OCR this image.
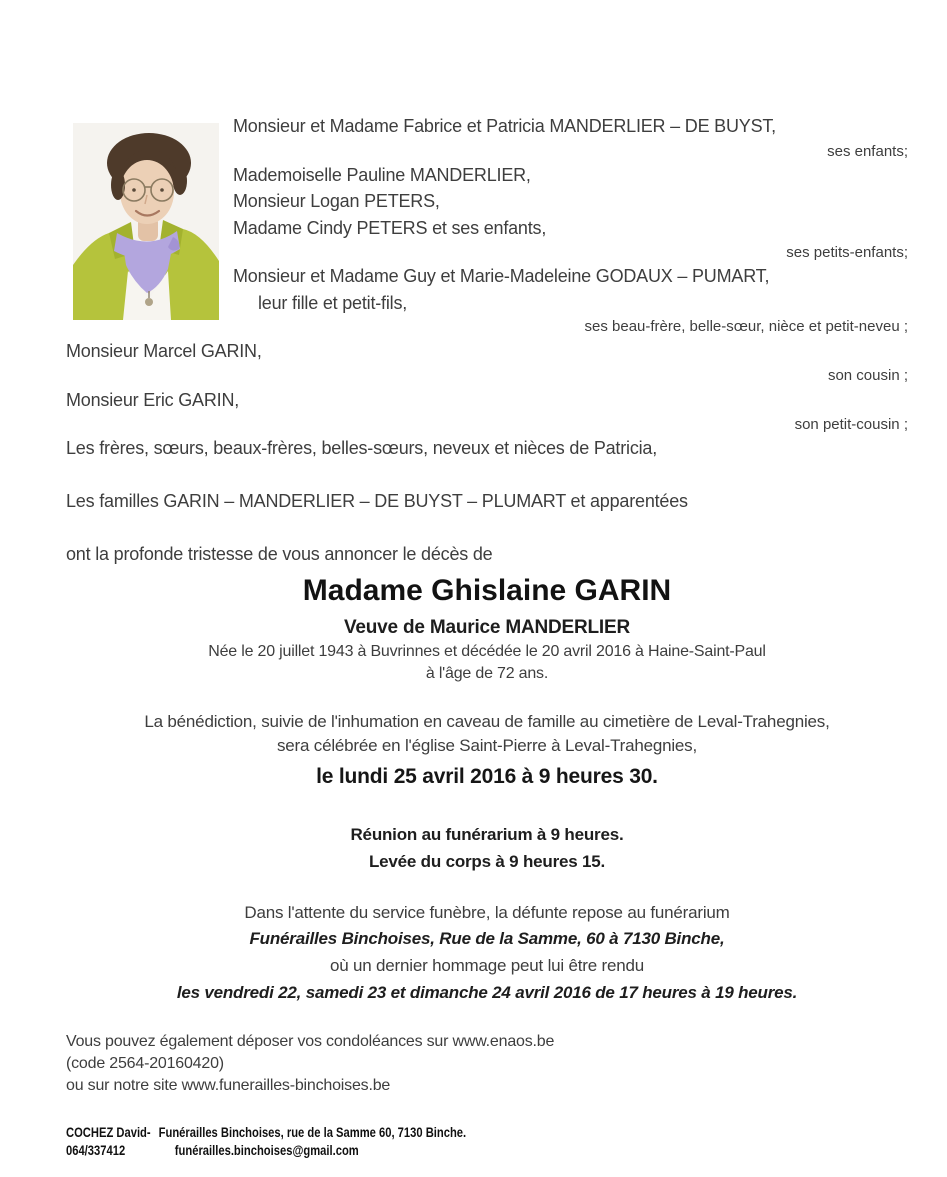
Monsieur et Madame Fabrice et Patricia MANDERLIER – DE BUYST,
ses enfants;
Mademoiselle Pauline MANDERLIER,
Monsieur Logan PETERS,
Madame Cindy PETERS et ses enfants,
ses petits-enfants;
Monsieur et Madame Guy et Marie-Madeleine GODAUX – PUMART,
leur fille et petit-fils,
ses beau-frère, belle-sœur, nièce et petit-neveu ;
Monsieur Marcel GARIN,
son cousin ;
Monsieur Eric GARIN,
son petit-cousin ;
Les frères, sœurs, beaux-frères, belles-sœurs, neveux et nièces de Patricia,
Les familles GARIN – MANDERLIER – DE BUYST – PLUMART et apparentées
ont la profonde tristesse de vous annoncer le décès de
Madame Ghislaine GARIN
Veuve de Maurice MANDERLIER
Née le 20 juillet 1943 à Buvrinnes et décédée le 20 avril 2016 à Haine-Saint-Paul
à l'âge de 72 ans.
La bénédiction, suivie de l'inhumation en caveau de famille au cimetière de Leval-Trahegnies,
sera célébrée en l'église Saint-Pierre à Leval-Trahegnies,
le lundi 25 avril 2016 à 9 heures 30.
Réunion au funérarium à 9 heures.
Levée du corps à 9 heures 15.
Dans l'attente du service funèbre, la défunte repose au funérarium
Funérailles Binchoises, Rue de la Samme, 60 à 7130 Binche,
où un dernier hommage peut lui être rendu
les vendredi 22, samedi 23 et dimanche 24 avril 2016 de 17 heures à 19 heures.
Vous pouvez également déposer vos condoléances sur www.enaos.be
(code 2564-20160420)
ou sur notre site www.funerailles-binchoises.be
COCHEZ David- Funérailles Binchoises, rue de la Samme 60, 7130 Binche.
064/337412	funérailles.binchoises@gmail.com
